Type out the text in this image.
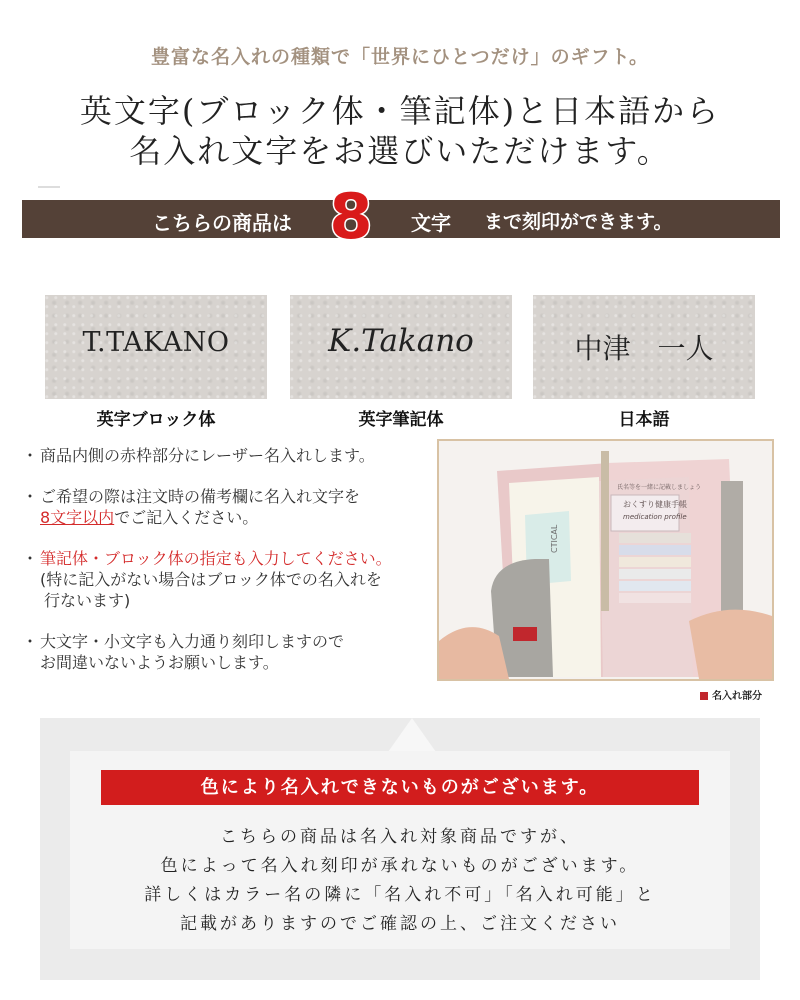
豊富な名入れの種類で「世界にひとつだけ」のギフト。
英文字(ブロック体・筆記体)と日本語から
名入れ文字をお選びいただけます。
こちらの商品は	文字 まで刻印ができます。
8
T.TAKANO	K.Takano	中津 一人
英字ブロック体	英字筆記体	日本語
・ 商品内側の赤枠部分にレーザー名入れします。

・ ご希望の際は注文時の備考欄に名入れ文字を

8文字以内でご記入ください。

・ 筆記体・ブロック体の指定も入力してください。

(特に記入がない場合はブロック体での名入れを

行ないます)

・ 大文字・小文字も入力通り刻印しますので

お間違いないようお願いします。

おくすり健康手帳
medication profile
氏名等を一緒に記載しましょう
CTICAL
名入れ部分
色により名入れできないものがございます。
こちらの商品は名入れ対象商品ですが、
色によって名入れ刻印が承れないものがございます。
詳しくはカラー名の隣に「名入れ不可」「名入れ可能」と
記載がありますのでご確認の上、ご注文ください
